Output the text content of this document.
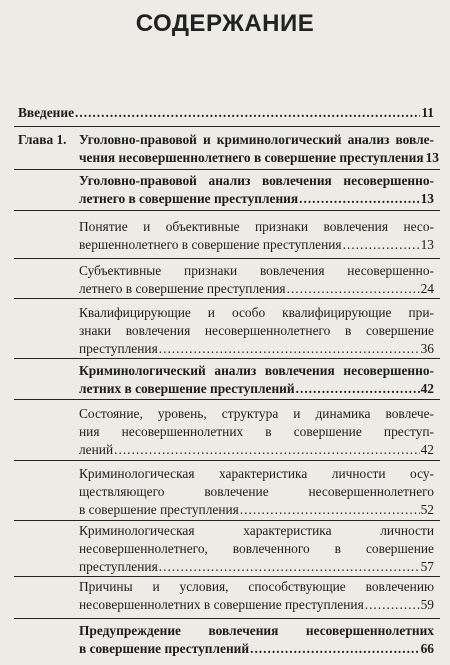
СОДЕРЖАНИЕ
Введение .....	11
Глава 1. Уголовно-правовой и криминологический анализ вовле-
чения несовершеннолетнего в совершение преступления 13
Уголовно-правовой анализ вовлечения несовершенно-
летнего в совершение преступления .....	13
Понятие и объективные признаки вовлечения несо-
вершеннолетнего в совершение преступления .....	13
Субъективные признаки вовлечения несовершенно-
летнего в совершение преступления .....	24
Квалифицирующие и особо квалифицирующие при-
знаки вовлечения несовершеннолетнего в совершение
преступления .....	36
Криминологический анализ вовлечения несовершенно-
летних в совершение преступлений .....	42
Состояние, уровень, структура и динамика вовлече-
ния несовершеннолетних в совершение преступ-
лений .....	42
Криминологическая характеристика личности осу-
ществляющего вовлечение несовершеннолетнего
в совершение преступления .....	52
Криминологическая характеристика личности
несовершеннолетнего, вовлеченного в совершение
преступления .....	57
Причины и условия, способствующие вовлечению
несовершеннолетних в совершение преступления .....	59
Предупреждение вовлечения несовершеннолетних
в совершение преступлений .....	66
